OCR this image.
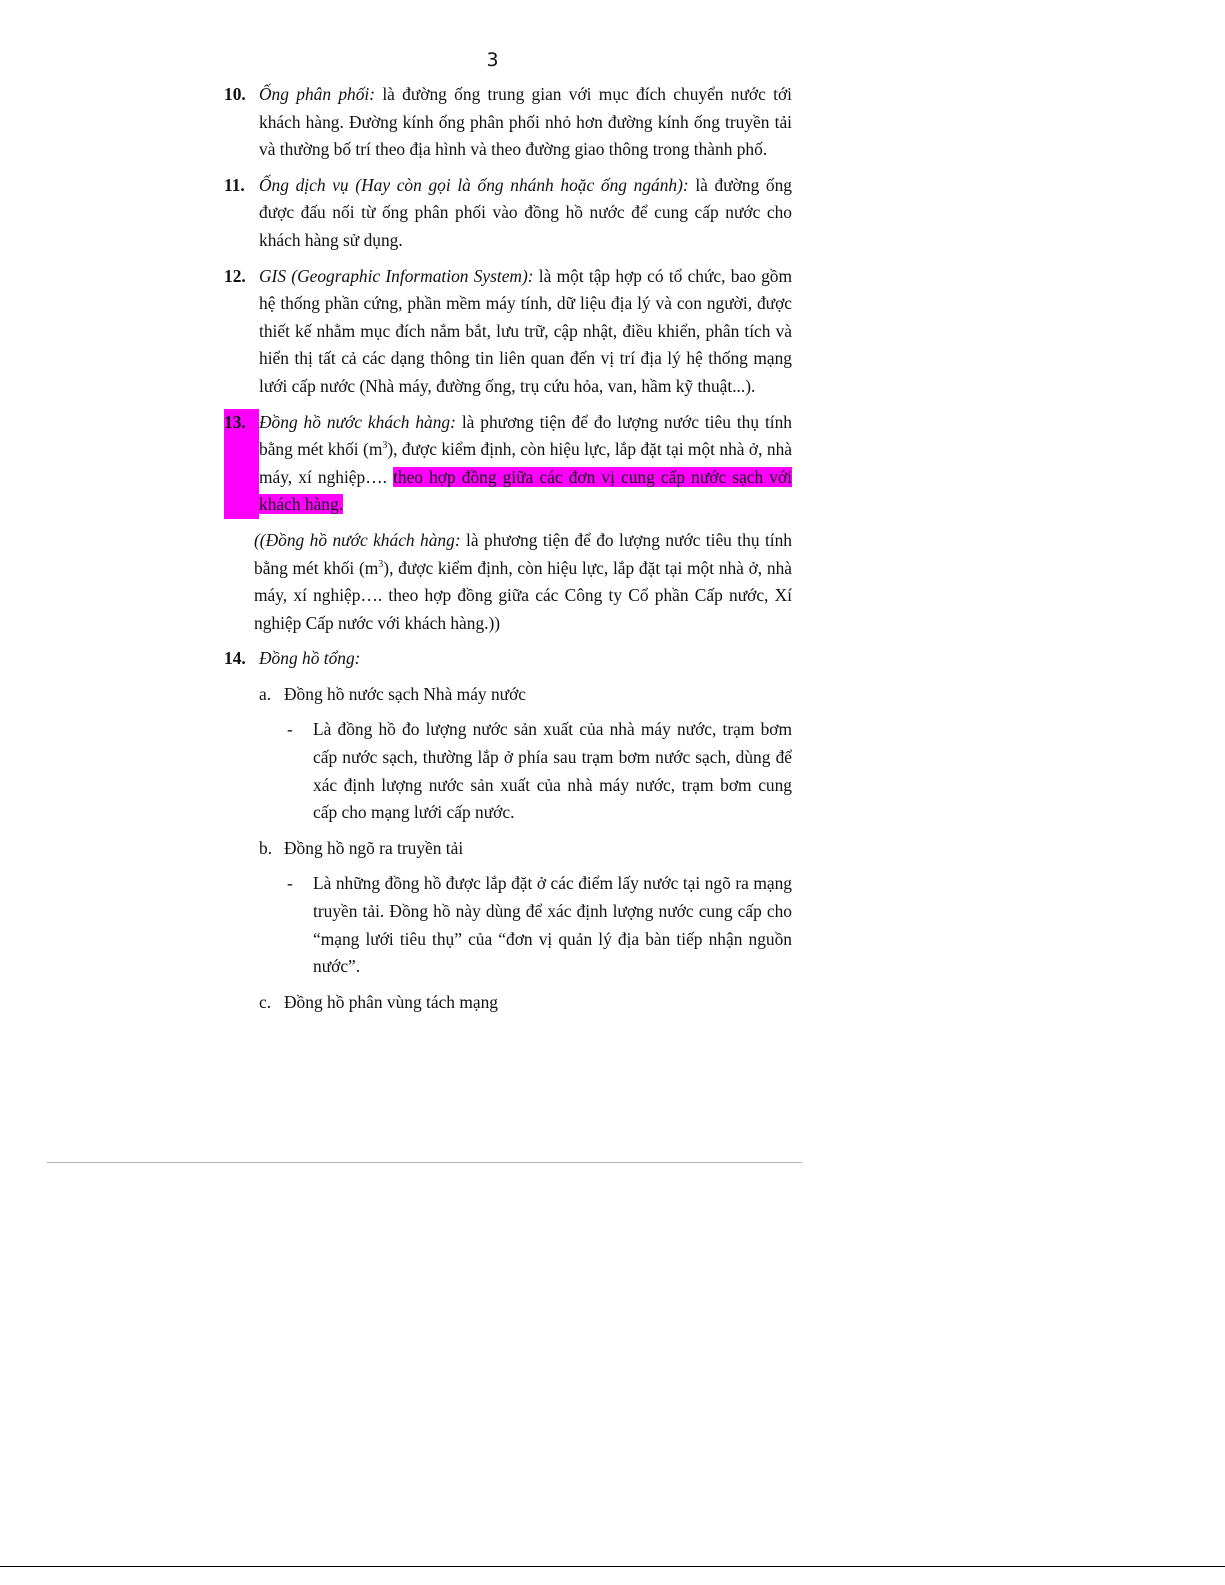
3
10. Ống phân phối: là đường ống trung gian với mục đích chuyển nước tới khách hàng. Đường kính ống phân phối nhỏ hơn đường kính ống truyền tải và thường bố trí theo địa hình và theo đường giao thông trong thành phố.
11. Ống dịch vụ (Hay còn gọi là ống nhánh hoặc ống ngánh): là đường ống được đấu nối từ ống phân phối vào đồng hồ nước để cung cấp nước cho khách hàng sử dụng.
12. GIS (Geographic Information System): là một tập hợp có tổ chức, bao gồm hệ thống phần cứng, phần mềm máy tính, dữ liệu địa lý và con người, được thiết kế nhằm mục đích nắm bắt, lưu trữ, cập nhật, điều khiển, phân tích và hiển thị tất cả các dạng thông tin liên quan đến vị trí địa lý hệ thống mạng lưới cấp nước (Nhà máy, đường ống, trụ cứu hỏa, van, hầm kỹ thuật...).
13. Đồng hồ nước khách hàng: là phương tiện để đo lượng nước tiêu thụ tính bằng mét khối $(m^3)$, được kiểm định, còn hiệu lực, lắp đặt tại một nhà ở, nhà máy, xí nghiệp…. theo hợp đồng giữa các đơn vị cung cấp nước sạch với khách hàng.
((Đồng hồ nước khách hàng: là phương tiện để đo lượng nước tiêu thụ tính bằng mét khối $(m^3)$, được kiểm định, còn hiệu lực, lắp đặt tại một nhà ở, nhà máy, xí nghiệp…. theo hợp đồng giữa các Công ty Cổ phần Cấp nước, Xí nghiệp Cấp nước với khách hàng.))
14. Đồng hồ tổng:
a. Đồng hồ nước sạch Nhà máy nước
-	Là đồng hồ đo lượng nước sản xuất của nhà máy nước, trạm bơm cấp nước sạch, thường lắp ở phía sau trạm bơm nước sạch, dùng để xác định lượng nước sản xuất của nhà máy nước, trạm bơm cung cấp cho mạng lưới cấp nước.
b. Đồng hồ ngõ ra truyền tải
-	Là những đồng hồ được lắp đặt ở các điểm lấy nước tại ngõ ra mạng truyền tải. Đồng hồ này dùng để xác định lượng nước cung cấp cho “mạng lưới tiêu thụ” của “đơn vị quản lý địa bàn tiếp nhận nguồn nước”.
c. Đồng hồ phân vùng tách mạng
